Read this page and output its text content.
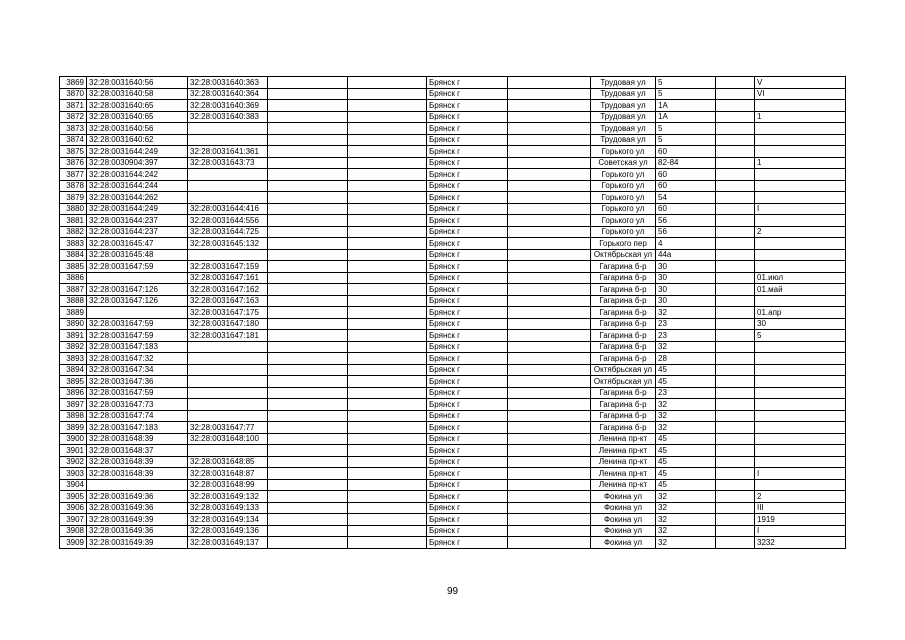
3869	32:28:0031640:56	32:28:0031640:363			Брянск г		Трудовая ул	5		V
3870	32:28:0031640:58	32:28:0031640:364			Брянск г		Трудовая ул	5		VI
3871	32:28:0031640:65	32:28:0031640:369			Брянск г		Трудовая ул	1А		
3872	32:28:0031640:65	32:28:0031640:383			Брянск г		Трудовая ул	1А		1
3873	32:28:0031640:56				Брянск г		Трудовая ул	5		
3874	32:28:0031640:62				Брянск г		Трудовая ул	5		
3875	32:28:0031644:249	32:28:0031641:361			Брянск г		Горького ул	60		
3876	32:28:0030904:397	32:28:0031643:73			Брянск г		Советская ул	82-84		1
3877	32:28:0031644:242				Брянск г		Горького ул	60		
3878	32:28:0031644:244				Брянск г		Горького ул	60		
3879	32:28:0031644:262				Брянск г		Горького ул	54		
3880	32:28:0031644:249	32:28:0031644:416			Брянск г		Горького ул	60		I
3881	32:28:0031644:237	32:28:0031644:556			Брянск г		Горького ул	56		
3882	32:28:0031644:237	32:28:0031644:725			Брянск г		Горького ул	56		2
3883	32:28:0031645:47	32:28:0031645:132			Брянск г		Горького пер	4		
3884	32:28:0031645:48				Брянск г		Октябрьская ул	44а		
3885	32:28:0031647:59	32:28:0031647:159			Брянск г		Гагарина б-р	30		
3886		32:28:0031647:161			Брянск г		Гагарина б-р	30		01.июл
3887	32:28:0031647:126	32:28:0031647:162			Брянск г		Гагарина б-р	30		01.май
3888	32:28:0031647:126	32:28:0031647:163			Брянск г		Гагарина б-р	30		
3889		32:28:0031647:175			Брянск г		Гагарина б-р	32		01.апр
3890	32:28:0031647:59	32:28:0031647:180			Брянск г		Гагарина б-р	23		30
3891	32:28:0031647:59	32:28:0031647:181			Брянск г		Гагарина б-р	23		5
3892	32:28:0031647:183				Брянск г		Гагарина б-р	32		
3893	32:28:0031647:32				Брянск г		Гагарина б-р	28		
3894	32:28:0031647:34				Брянск г		Октябрьская ул	45		
3895	32:28:0031647:36				Брянск г		Октябрьская ул	45		
3896	32:28:0031647:59				Брянск г		Гагарина б-р	23		
3897	32:28:0031647:73				Брянск г		Гагарина б-р	32		
3898	32:28:0031647:74				Брянск г		Гагарина б-р	32		
3899	32:28:0031647:183	32:28:0031647:77			Брянск г		Гагарина б-р	32		
3900	32:28:0031648:39	32:28:0031648:100			Брянск г		Ленина пр-кт	45		
3901	32:28:0031648:37				Брянск г		Ленина пр-кт	45		
3902	32:28:0031648:39	32:28:0031648:85			Брянск г		Ленина пр-кт	45		
3903	32:28:0031648:39	32:28:0031648:87			Брянск г		Ленина пр-кт	45		I
3904		32:28:0031648:99			Брянск г		Ленина пр-кт	45		
3905	32:28:0031649:36	32:28:0031649:132			Брянск г		Фокина ул	32		2
3906	32:28:0031649:36	32:28:0031649:133			Брянск г		Фокина ул	32		III
3907	32:28:0031649:39	32:28:0031649:134			Брянск г		Фокина ул	32		1919
3908	32:28:0031649:36	32:28:0031649:136			Брянск г		Фокина ул	32		I
3909	32:28:0031649:39	32:28:0031649:137			Брянск г		Фокина ул	32		3232
99
